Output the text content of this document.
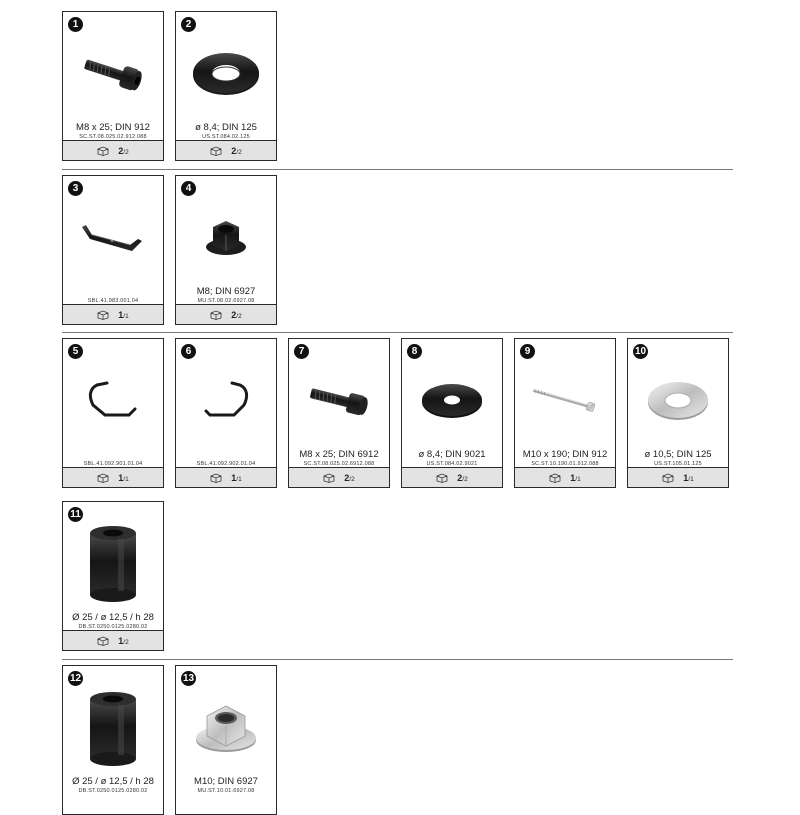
1
M8 x 25; DIN 912
SC.ST.08.025.02.912.088
2/2
2
ø 8,4; DIN 125
US.ST.084.02.125
2/2
3
SBL.41.983.001.04
1/1
4
M8; DIN 6927
MU.ST.08.02.6927.08
2/2
5
SBL.41.092.901.01.04
1/1
6
SBL.41.092.902.01.04
1/1
7
M8 x 25; DIN 6912
SC.ST.08.025.02.6912.088
2/2
8
ø 8,4; DIN 9021
US.ST.084.02.9021
2/2
9
M10 x 190; DIN 912
SC.ST.10.190.01.912.088
1/1
10
ø 10,5; DIN 125
US.ST.105.01.125
1/1
11
Ø 25 / ø 12,5 / h 28
DB.ST.0250.0125.0280.02
1/2
12
Ø 25 / ø 12,5 / h 28
DB.ST.0250.0125.0280.02
13
M10; DIN 6927
MU.ST.10.01.6927.08
